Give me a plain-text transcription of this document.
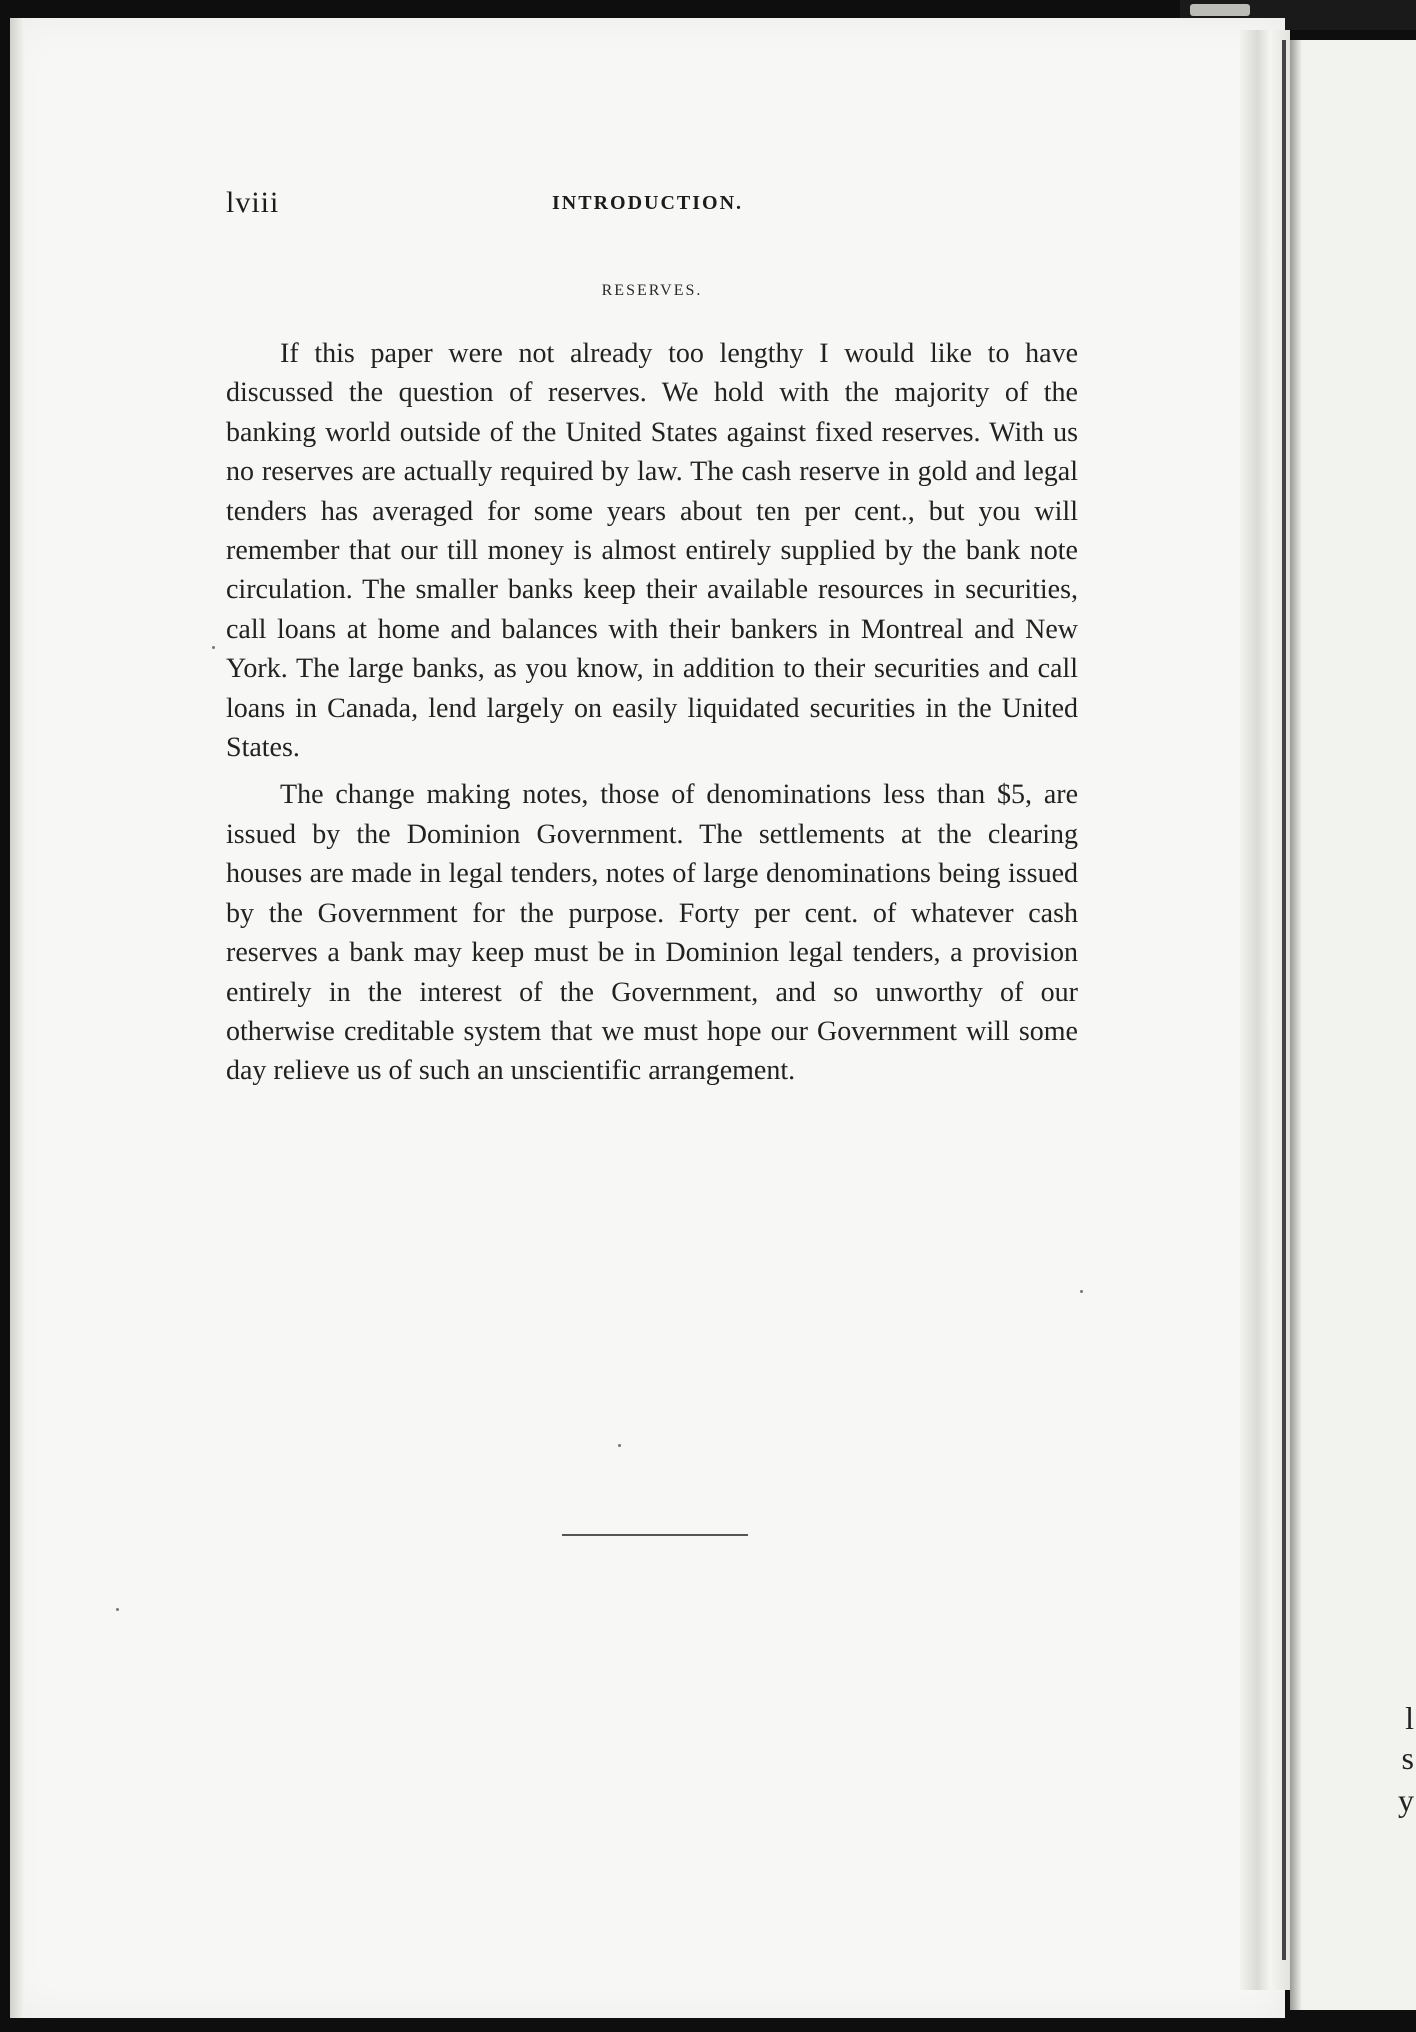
l
s
y
lviii	INTRODUCTION.
RESERVES.

If this paper were not already too lengthy I would like to have discussed the question of reserves. We hold with the majority of the banking world outside of the United States against fixed reserves. With us no reserves are actually required by law. The cash reserve in gold and legal tenders has averaged for some years about ten per cent., but you will remember that our till money is almost entirely supplied by the bank note circulation. The smaller banks keep their available resources in securities, call loans at home and balances with their bankers in Montreal and New York. The large banks, as you know, in addition to their securities and call loans in Canada, lend largely on easily liquidated securities in the United States.

The change making notes, those of denominations less than $5, are issued by the Dominion Government. The settlements at the clearing houses are made in legal tenders, notes of large denominations being issued by the Government for the purpose. Forty per cent. of whatever cash reserves a bank may keep must be in Dominion legal tenders, a provision entirely in the interest of the Government, and so unworthy of our otherwise creditable system that we must hope our Government will some day relieve us of such an unscientific arrangement.
